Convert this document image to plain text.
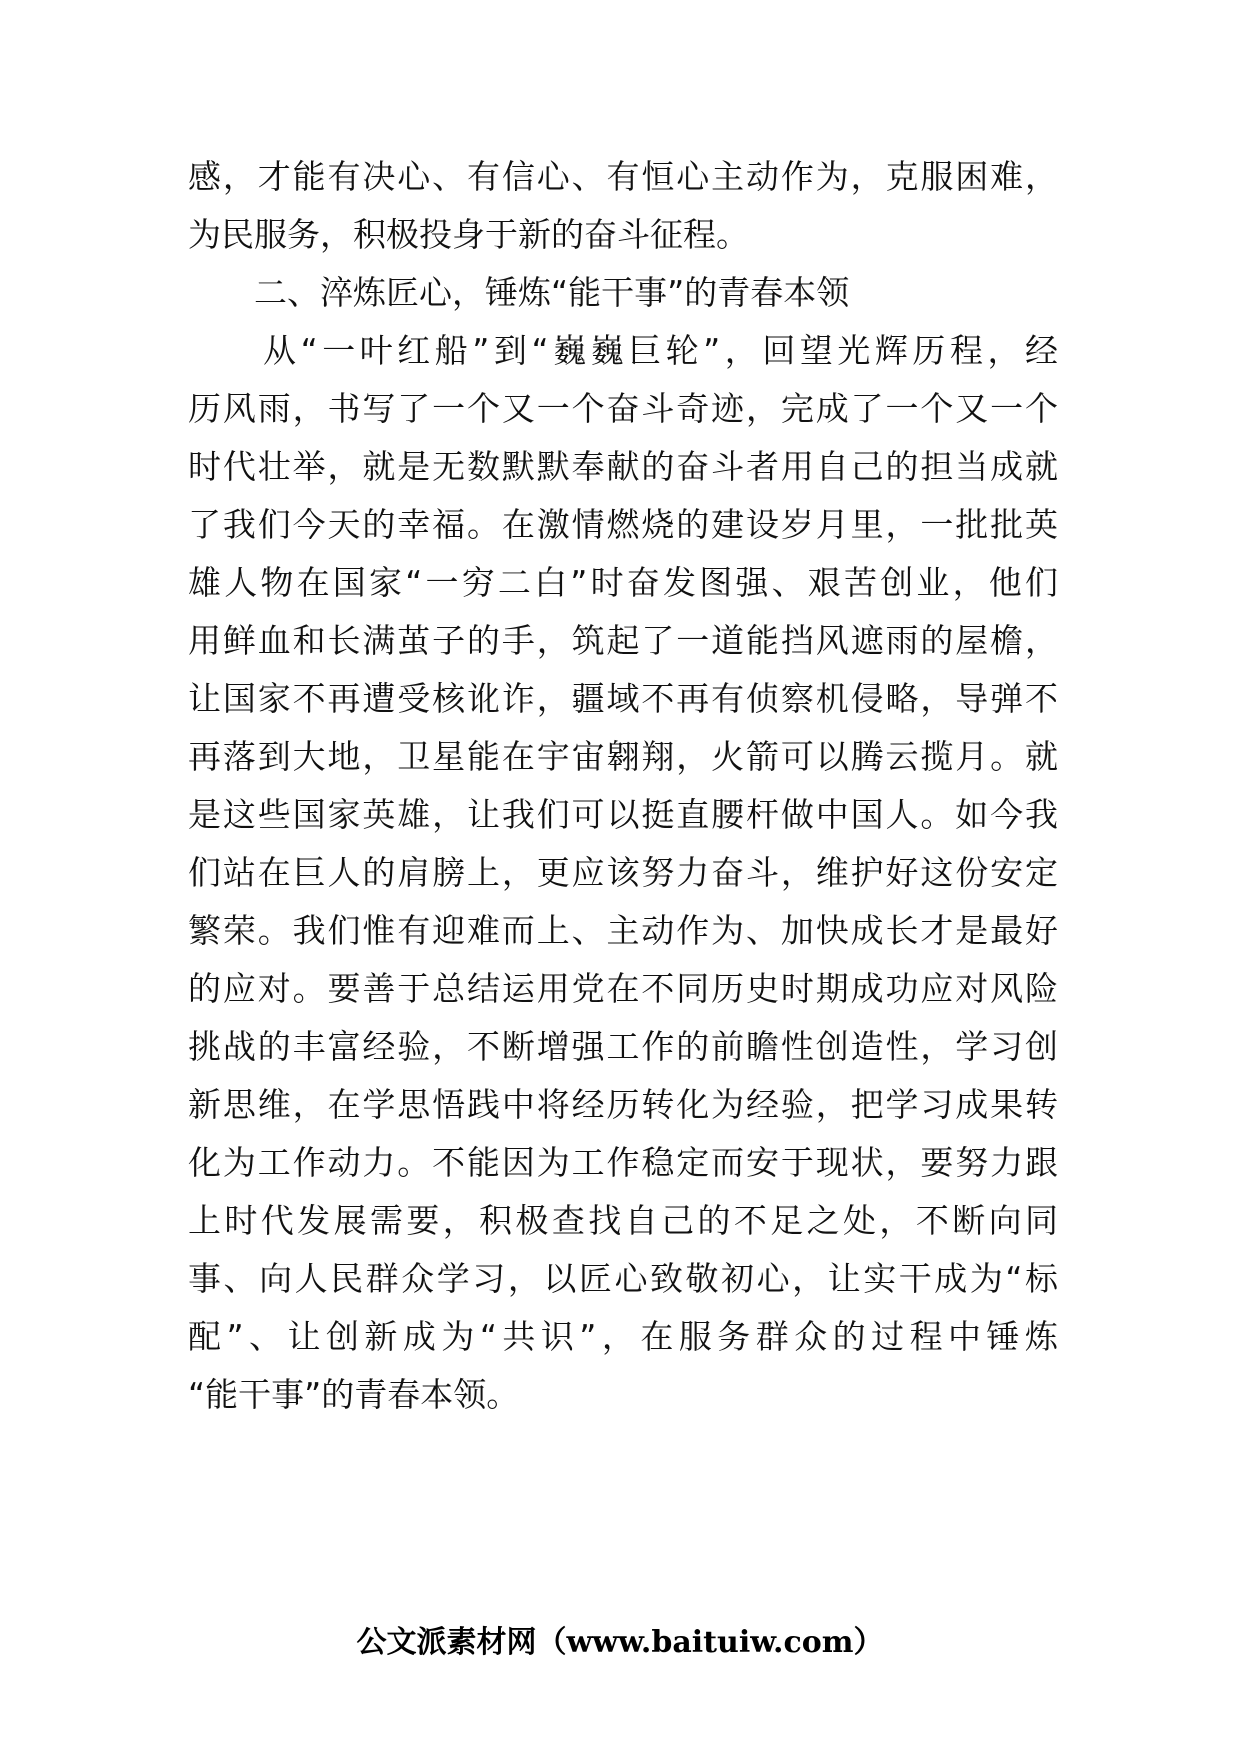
感，才能有决心、有信心、有恒心主动作为，克服困难，
为民服务，积极投身于新的奋斗征程。
　　二、淬炼匠心，锤炼“能干事”的青春本领
　　从“一叶红船”到“巍巍巨轮”，回望光辉历程，经
历风雨，书写了一个又一个奋斗奇迹，完成了一个又一个
时代壮举，就是无数默默奉献的奋斗者用自己的担当成就
了我们今天的幸福。在激情燃烧的建设岁月里，一批批英
雄人物在国家“一穷二白”时奋发图强、艰苦创业，他们
用鲜血和长满茧子的手，筑起了一道能挡风遮雨的屋檐，
让国家不再遭受核讹诈，疆域不再有侦察机侵略，导弹不
再落到大地，卫星能在宇宙翱翔，火箭可以腾云揽月。就
是这些国家英雄，让我们可以挺直腰杆做中国人。如今我
们站在巨人的肩膀上，更应该努力奋斗，维护好这份安定
繁荣。我们惟有迎难而上、主动作为、加快成长才是最好
的应对。要善于总结运用党在不同历史时期成功应对风险
挑战的丰富经验，不断增强工作的前瞻性创造性，学习创
新思维，在学思悟践中将经历转化为经验，把学习成果转
化为工作动力。不能因为工作稳定而安于现状，要努力跟
上时代发展需要，积极查找自己的不足之处，不断向同
事、向人民群众学习，以匠心致敬初心，让实干成为“标
配”、让创新成为“共识”，在服务群众的过程中锤炼
“能干事”的青春本领。
公文派素材网（www.baituiw.com）
